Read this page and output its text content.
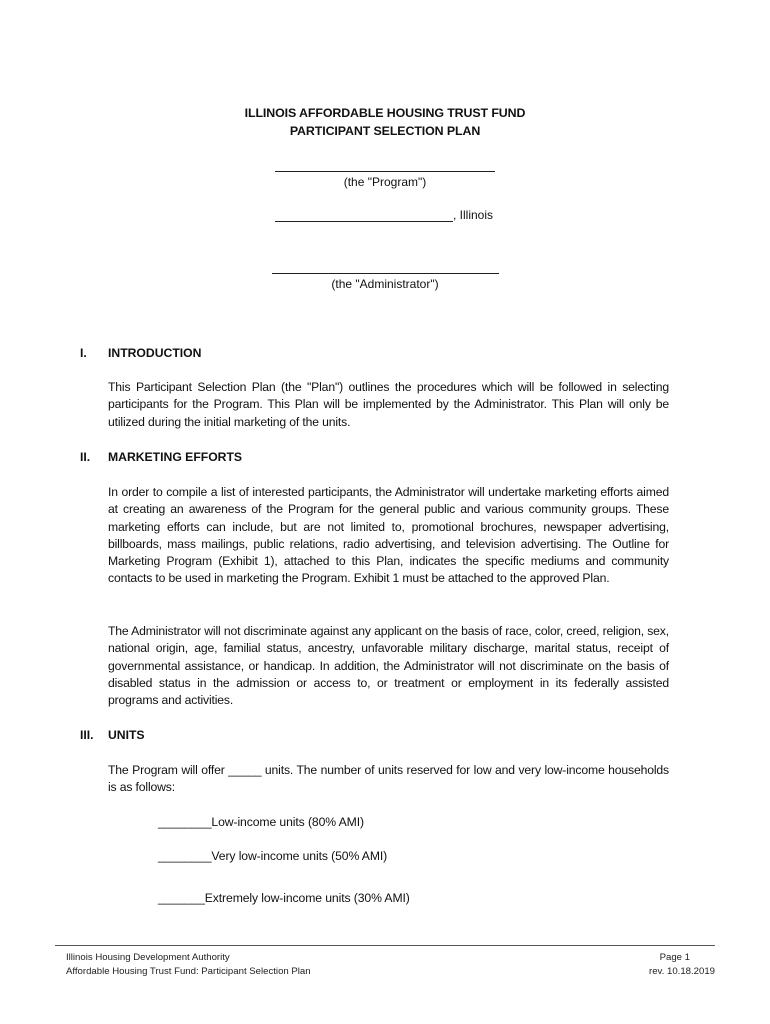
ILLINOIS AFFORDABLE HOUSING TRUST FUND
PARTICIPANT SELECTION PLAN
(the "Program")
, Illinois
(the "Administrator")
I. INTRODUCTION
This Participant Selection Plan (the "Plan") outlines the procedures which will be followed in selecting participants for the Program. This Plan will be implemented by the Administrator. This Plan will only be utilized during the initial marketing of the units.
II. MARKETING EFFORTS
In order to compile a list of interested participants, the Administrator will undertake marketing efforts aimed at creating an awareness of the Program for the general public and various community groups. These marketing efforts can include, but are not limited to, promotional brochures, newspaper advertising, billboards, mass mailings, public relations, radio advertising, and television advertising. The Outline for Marketing Program (Exhibit 1), attached to this Plan, indicates the specific mediums and community contacts to be used in marketing the Program. Exhibit 1 must be attached to the approved Plan.
The Administrator will not discriminate against any applicant on the basis of race, color, creed, religion, sex, national origin, age, familial status, ancestry, unfavorable military discharge, marital status, receipt of governmental assistance, or handicap. In addition, the Administrator will not discriminate on the basis of disabled status in the admission or access to, or treatment or employment in its federally assisted programs and activities.
III. UNITS
The Program will offer _____ units. The number of units reserved for low and very low-income households is as follows:
________Low-income units (80% AMI)
________Very low-income units (50% AMI)
_______Extremely low-income units (30% AMI)
Illinois Housing Development Authority
Affordable Housing Trust Fund: Participant Selection Plan
Page 1
rev. 10.18.2019
